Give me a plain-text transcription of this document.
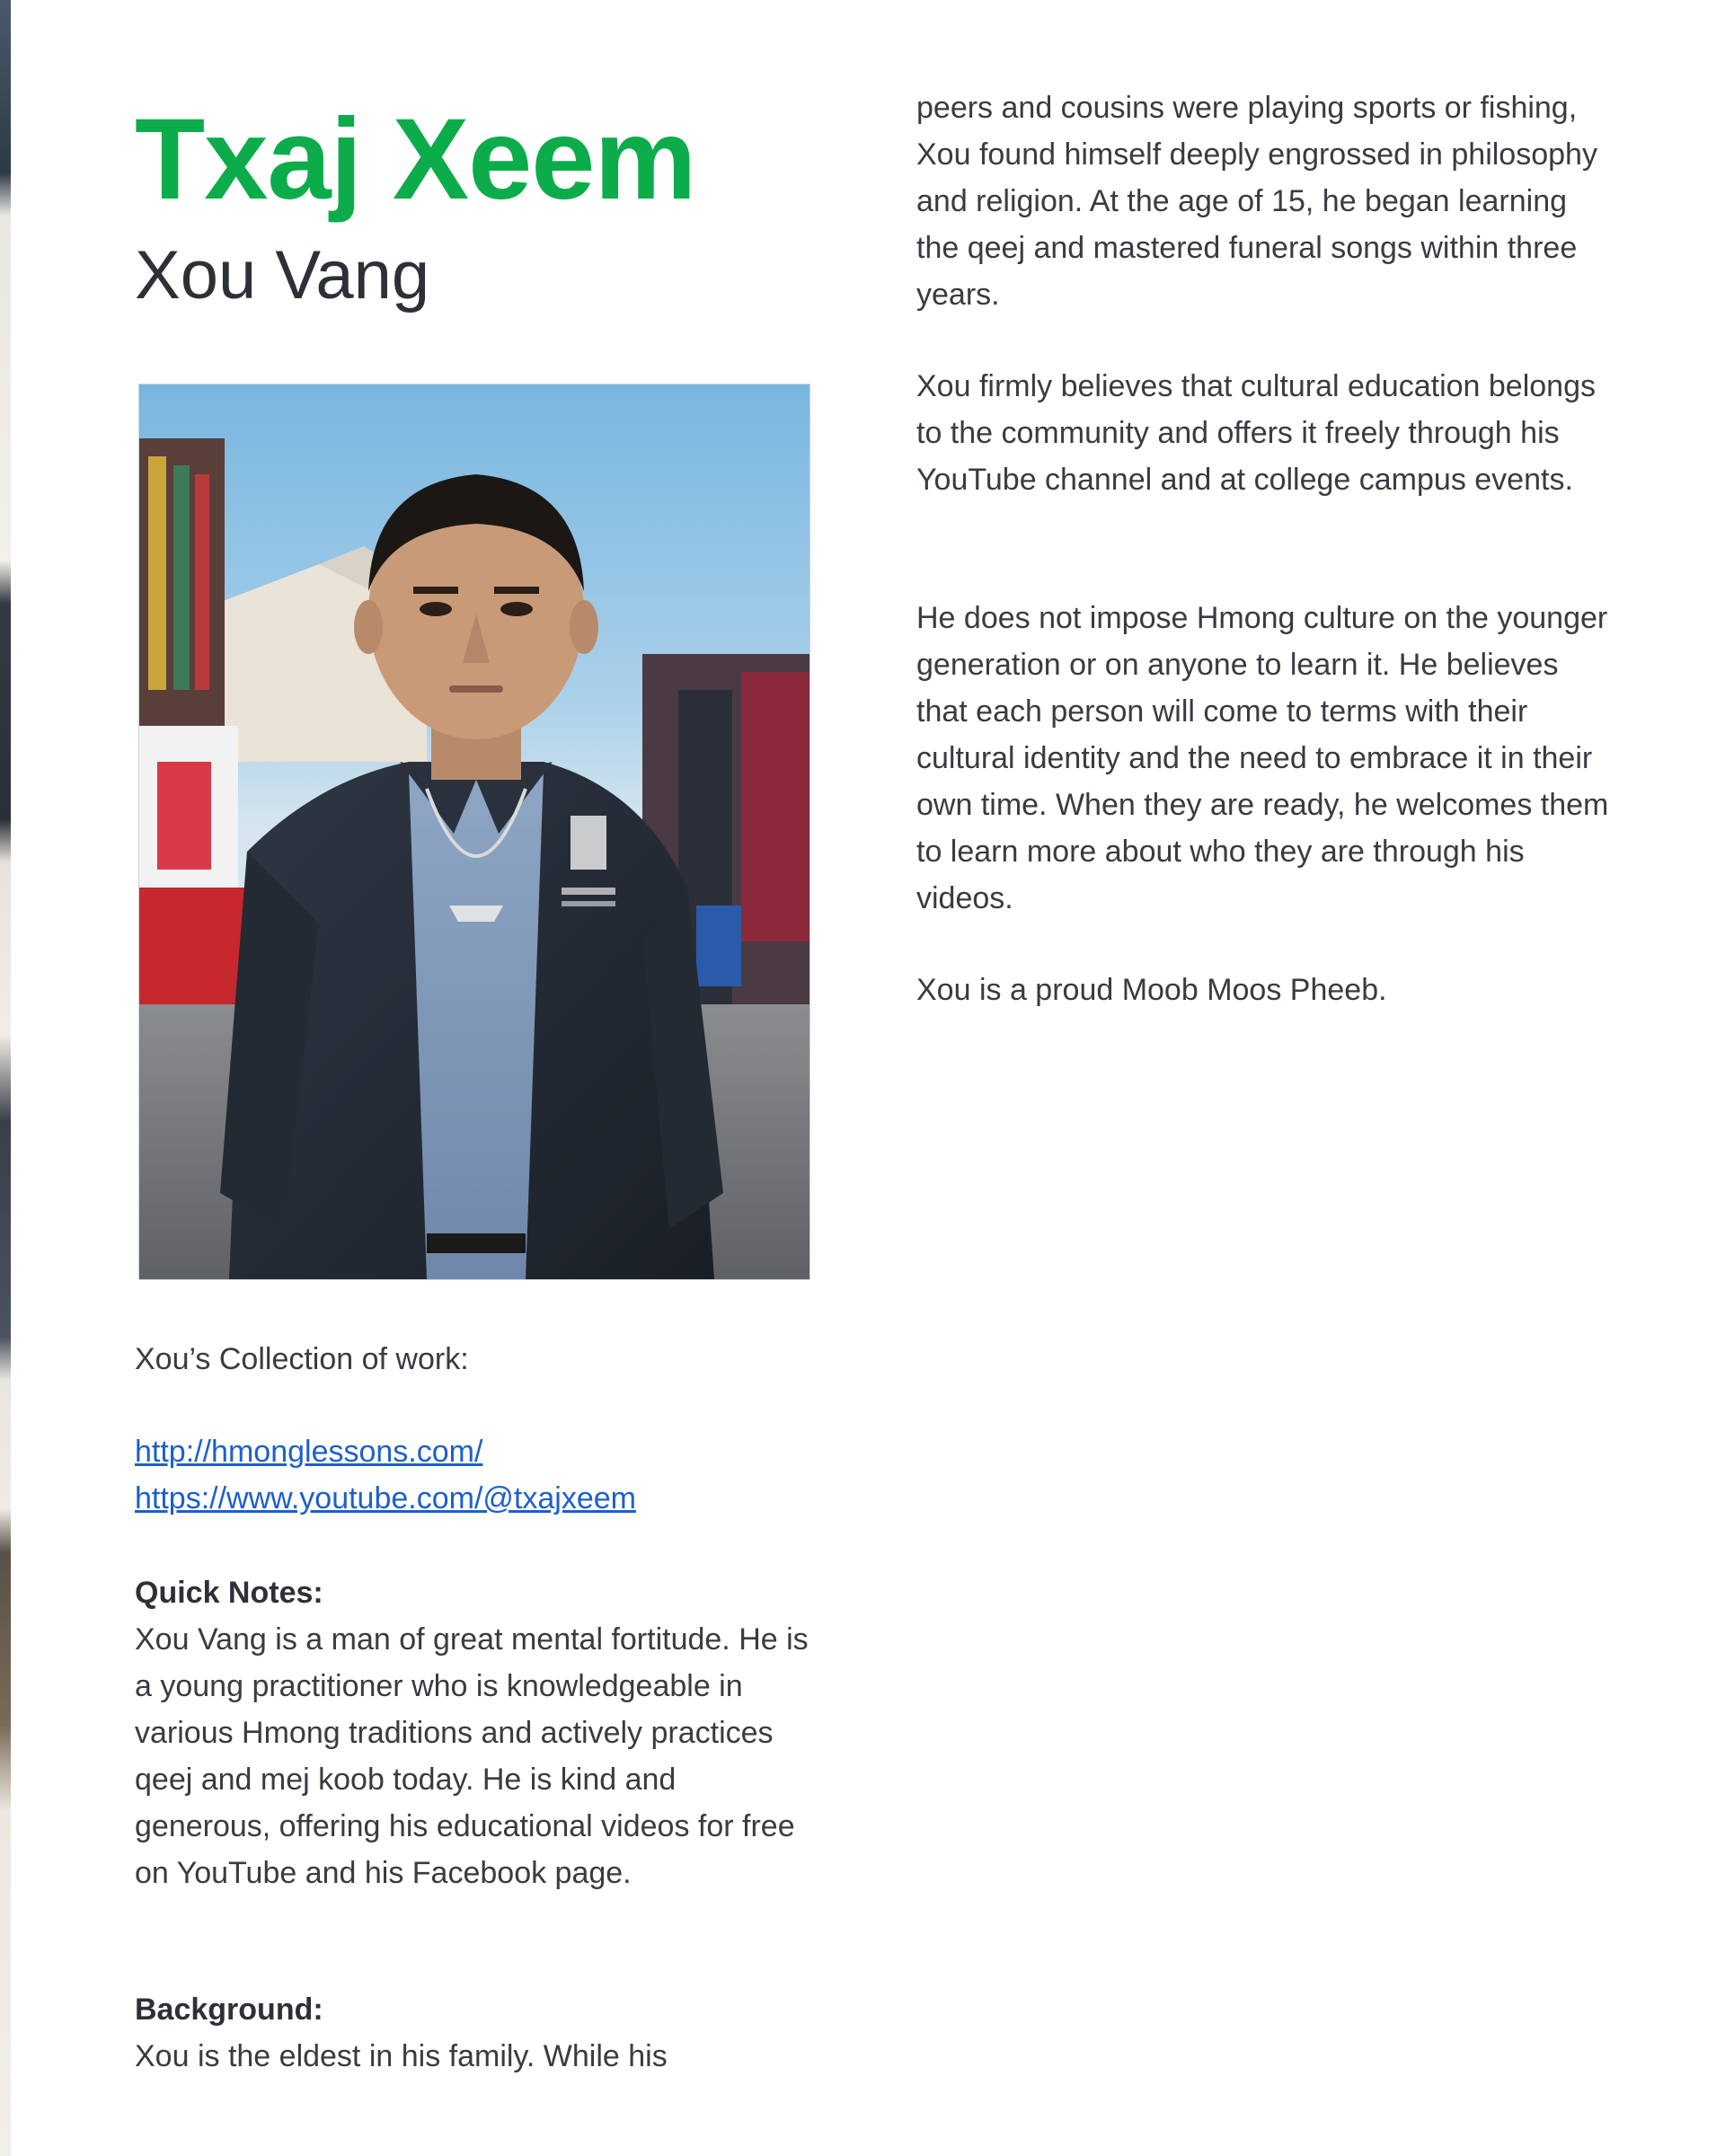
Txaj Xeem
Xou Vang

Xou’s Collection of work:

http://hmonglessons.com/
https://www.youtube.com/@txajxeem

Quick Notes:

Xou Vang is a man of great mental fortitude. He is a young practitioner who is knowledgeable in various Hmong traditions and actively practices qeej and mej koob today. He is kind and generous, offering his educational videos for free on YouTube and his Facebook page.

Background:

Xou is the eldest in his family. While his

peers and cousins were playing sports or fishing, Xou found himself deeply engrossed in philosophy and religion. At the age of 15, he began learning the qeej and mastered funeral songs within three years.

Xou firmly believes that cultural education belongs to the community and offers it freely through his YouTube channel and at college campus events.

He does not impose Hmong culture on the younger generation or on anyone to learn it. He believes that each person will come to terms with their cultural identity and the need to embrace it in their own time. When they are ready, he welcomes them to learn more about who they are through his videos.

Xou is a proud Moob Moos Pheeb.
